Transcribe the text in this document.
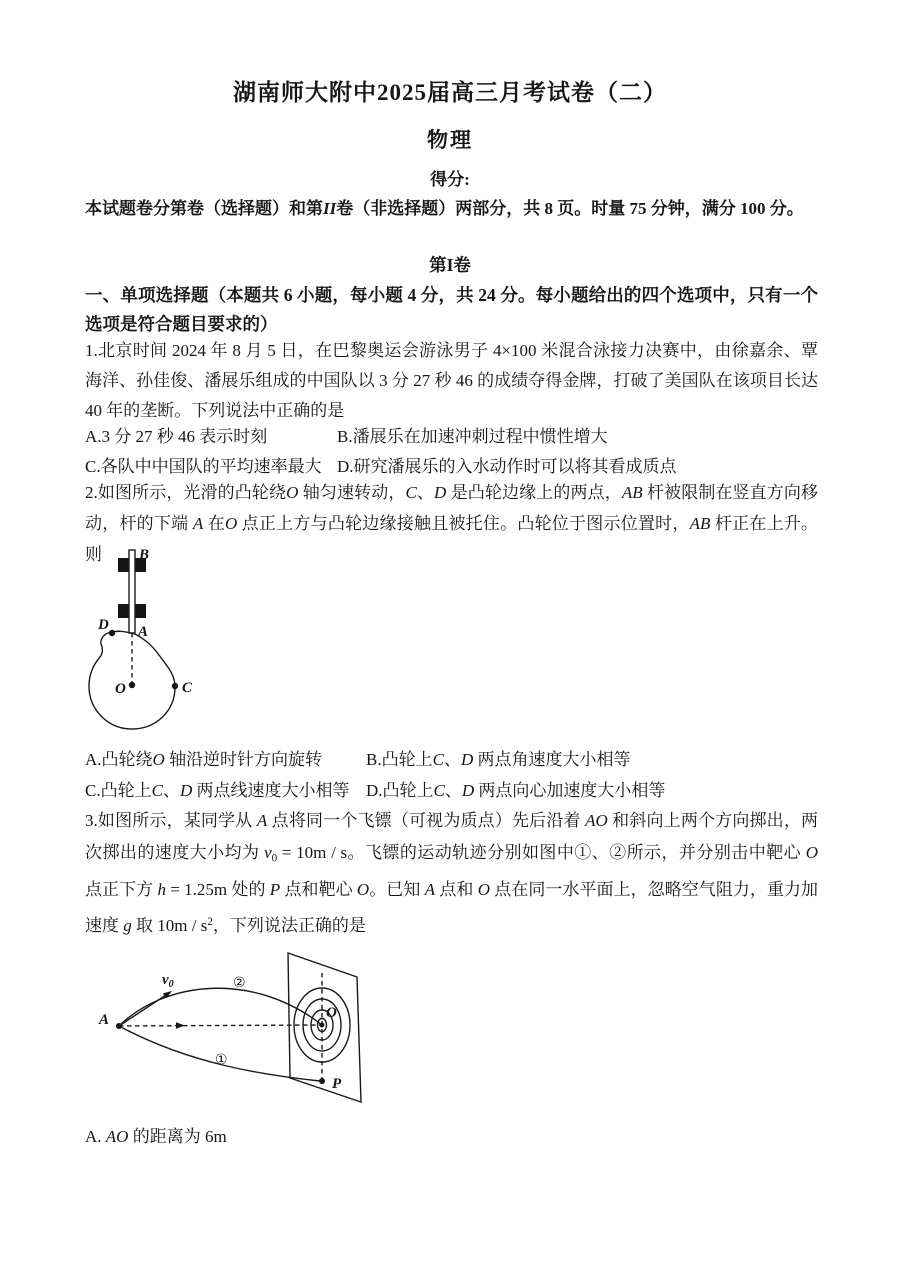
湖南师大附中2025届高三月考试卷（二）
物理
得分:
本试题卷分第卷（选择题）和第II卷（非选择题）两部分，共 8 页。时量 75 分钟，满分 100 分。
第I卷
一、单项选择题（本题共 6 小题，每小题 4 分，共 24 分。每小题给出的四个选项中，只有一个选项是符合题目要求的）
1.北京时间 2024 年 8 月 5 日，在巴黎奥运会游泳男子 4×100 米混合泳接力决赛中，由徐嘉余、覃海洋、孙佳俊、潘展乐组成的中国队以 3 分 27 秒 46 的成绩夺得金牌，打破了美国队在该项目长达 40 年的垄断。下列说法中正确的是
A.3 分 27 秒 46 表示时刻	B.潘展乐在加速冲刺过程中惯性增大
C.各队中中国队的平均速率最大 D.研究潘展乐的入水动作时可以将其看成质点
2.如图所示，光滑的凸轮绕O 轴匀速转动，C、D 是凸轮边缘上的两点，AB 杆被限制在竖直方向移动，杆的下端 A 在O 点正上方与凸轮边缘接触且被托住。凸轮位于图示位置时，AB 杆正在上升。则	B
D A
O	C
A.凸轮绕O 轴沿逆时针方向旋转	B.凸轮上C、D 两点角速度大小相等
C.凸轮上C、D 两点线速度大小相等 D.凸轮上C、D 两点向心加速度大小相等
3.如图所示，某同学从 A 点将同一个飞镖（可视为质点）先后沿着 AO 和斜向上两个方向掷出，两次掷出的速度大小均为 v0 = 10m / s。飞镖的运动轨迹分别如图中①、②所示，并分别击中靶心 O 点正下方 h = 1.25m 处的 P 点和靶心 O。已知 A 点和 O 点在同一水平面上，忽略空气阻力，重力加速度 g 取 $10m / s^2$，下列说法正确的是
$v_0$	②
①
A	O
P
A. AO 的距离为 6m
